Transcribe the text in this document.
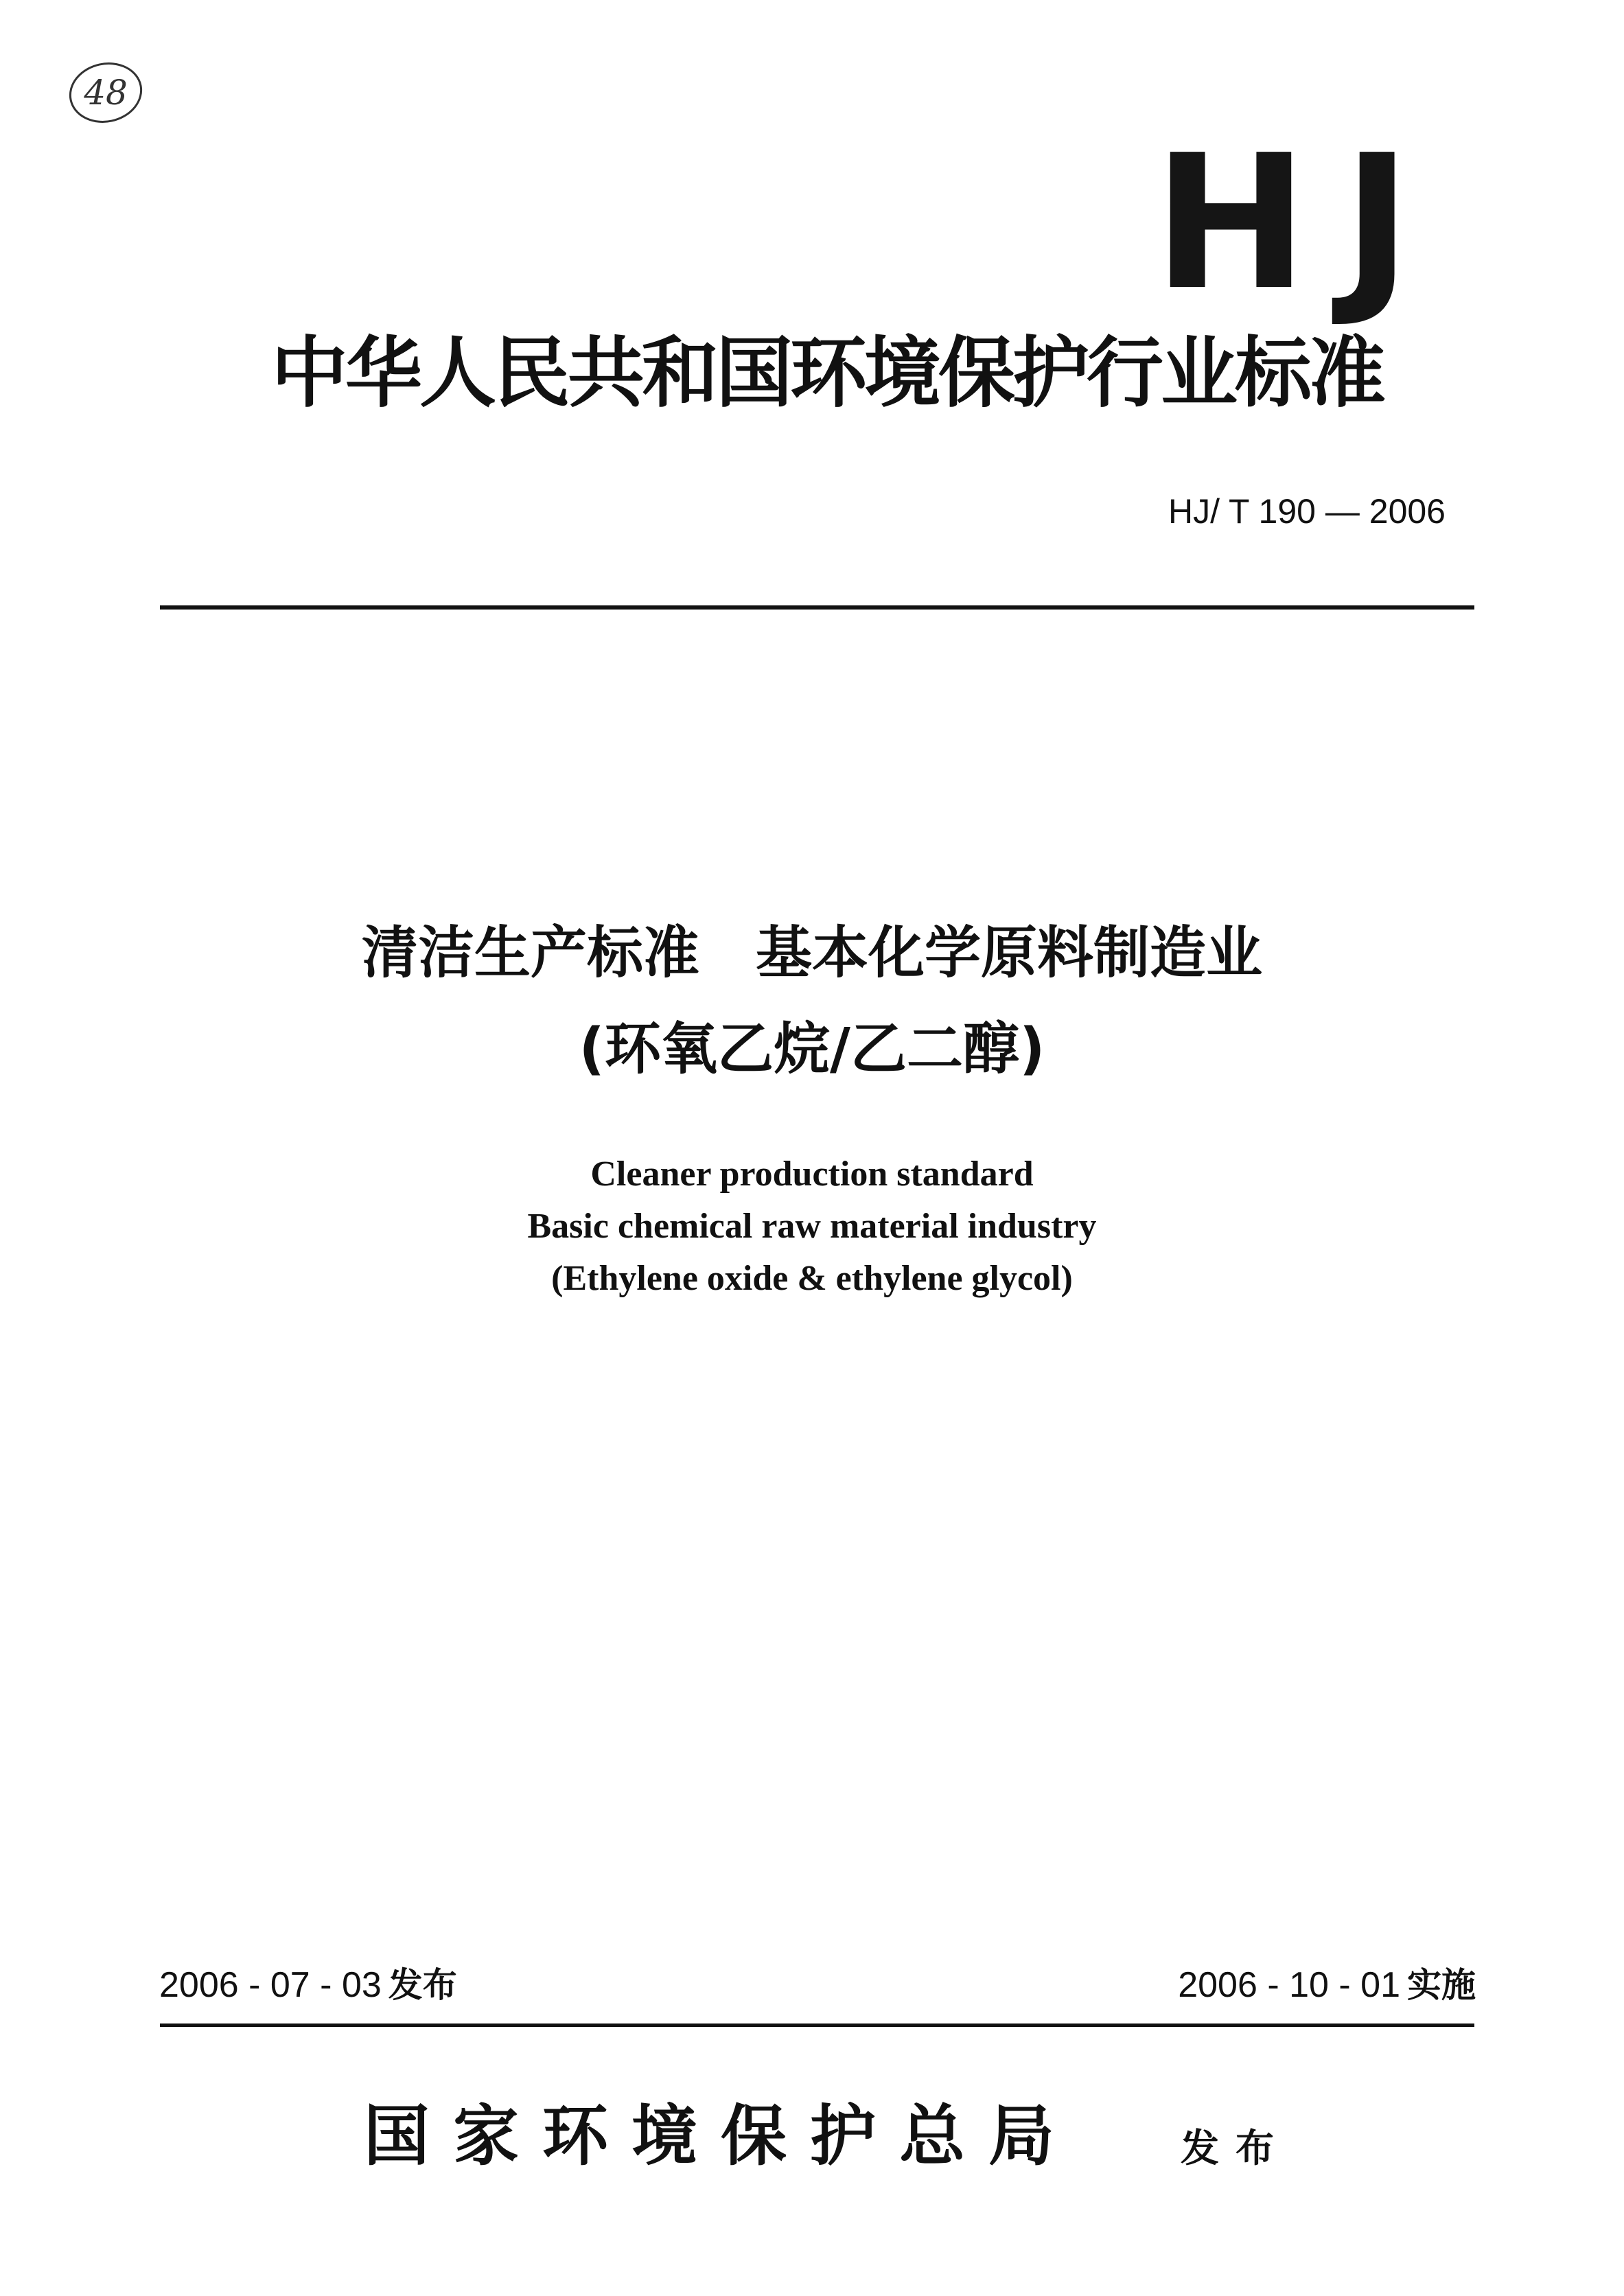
48
HJ
中华人民共和国环境保护行业标准
HJ/ T 190 — 2006
清洁生产标准　基本化学原料制造业
(环氧乙烷/乙二醇)
Cleaner production standard
Basic chemical raw material industry
(Ethylene oxide & ethylene glycol)
2006 - 07 - 03 发布	2006 - 10 - 01 实施
国家环境保护总局	发布
